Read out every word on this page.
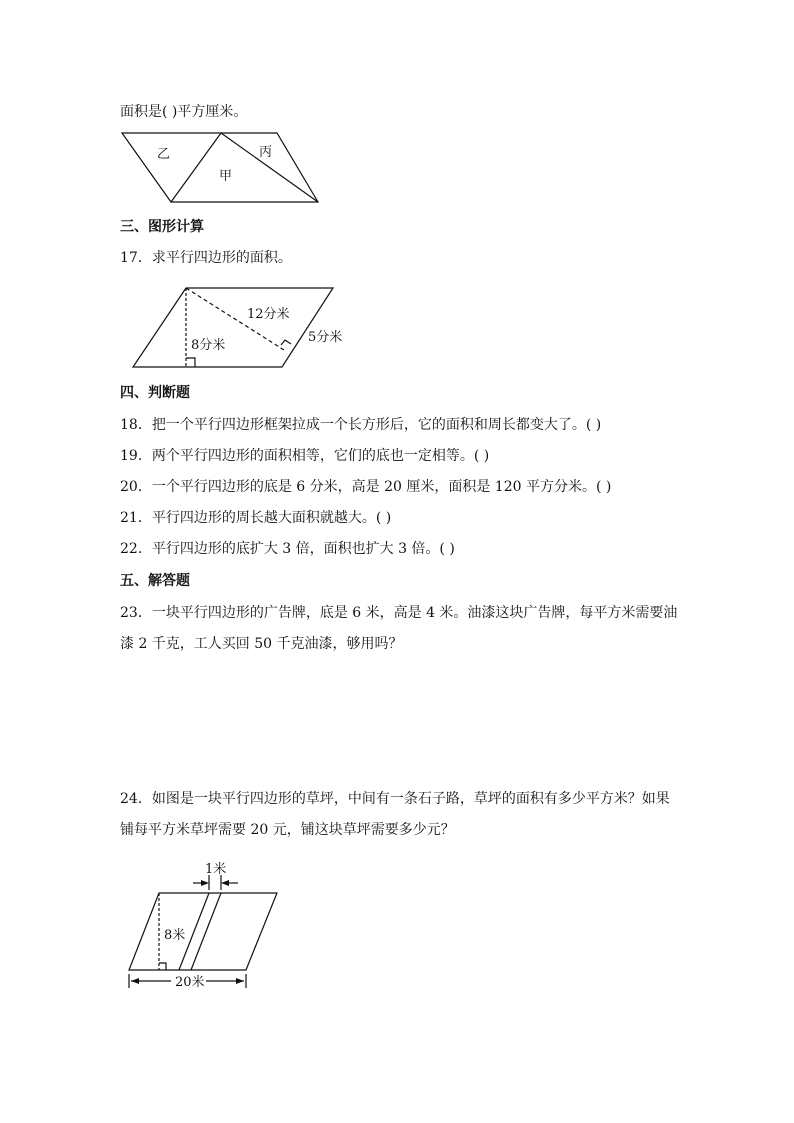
面积是( )平方厘米。
乙	丙
甲
12分米
5分米
8分米
1米
8米
20米
三、图形计算
17．求平行四边形的面积。
四、判断题
18．把一个平行四边形框架拉成一个长方形后，它的面积和周长都变大了。( )
19．两个平行四边形的面积相等，它们的底也一定相等。( )
20．一个平行四边形的底是 6 分米，高是 20 厘米，面积是 120 平方分米。( )
21．平行四边形的周长越大面积就越大。( )
22．平行四边形的底扩大 3 倍，面积也扩大 3 倍。( )
五、解答题
23．一块平行四边形的广告牌，底是 6 米，高是 4 米。油漆这块广告牌，每平方米需要油
漆 2 千克，工人买回 50 千克油漆，够用吗？
24．如图是一块平行四边形的草坪，中间有一条石子路，草坪的面积有多少平方米？如果
铺每平方米草坪需要 20 元，铺这块草坪需要多少元？
